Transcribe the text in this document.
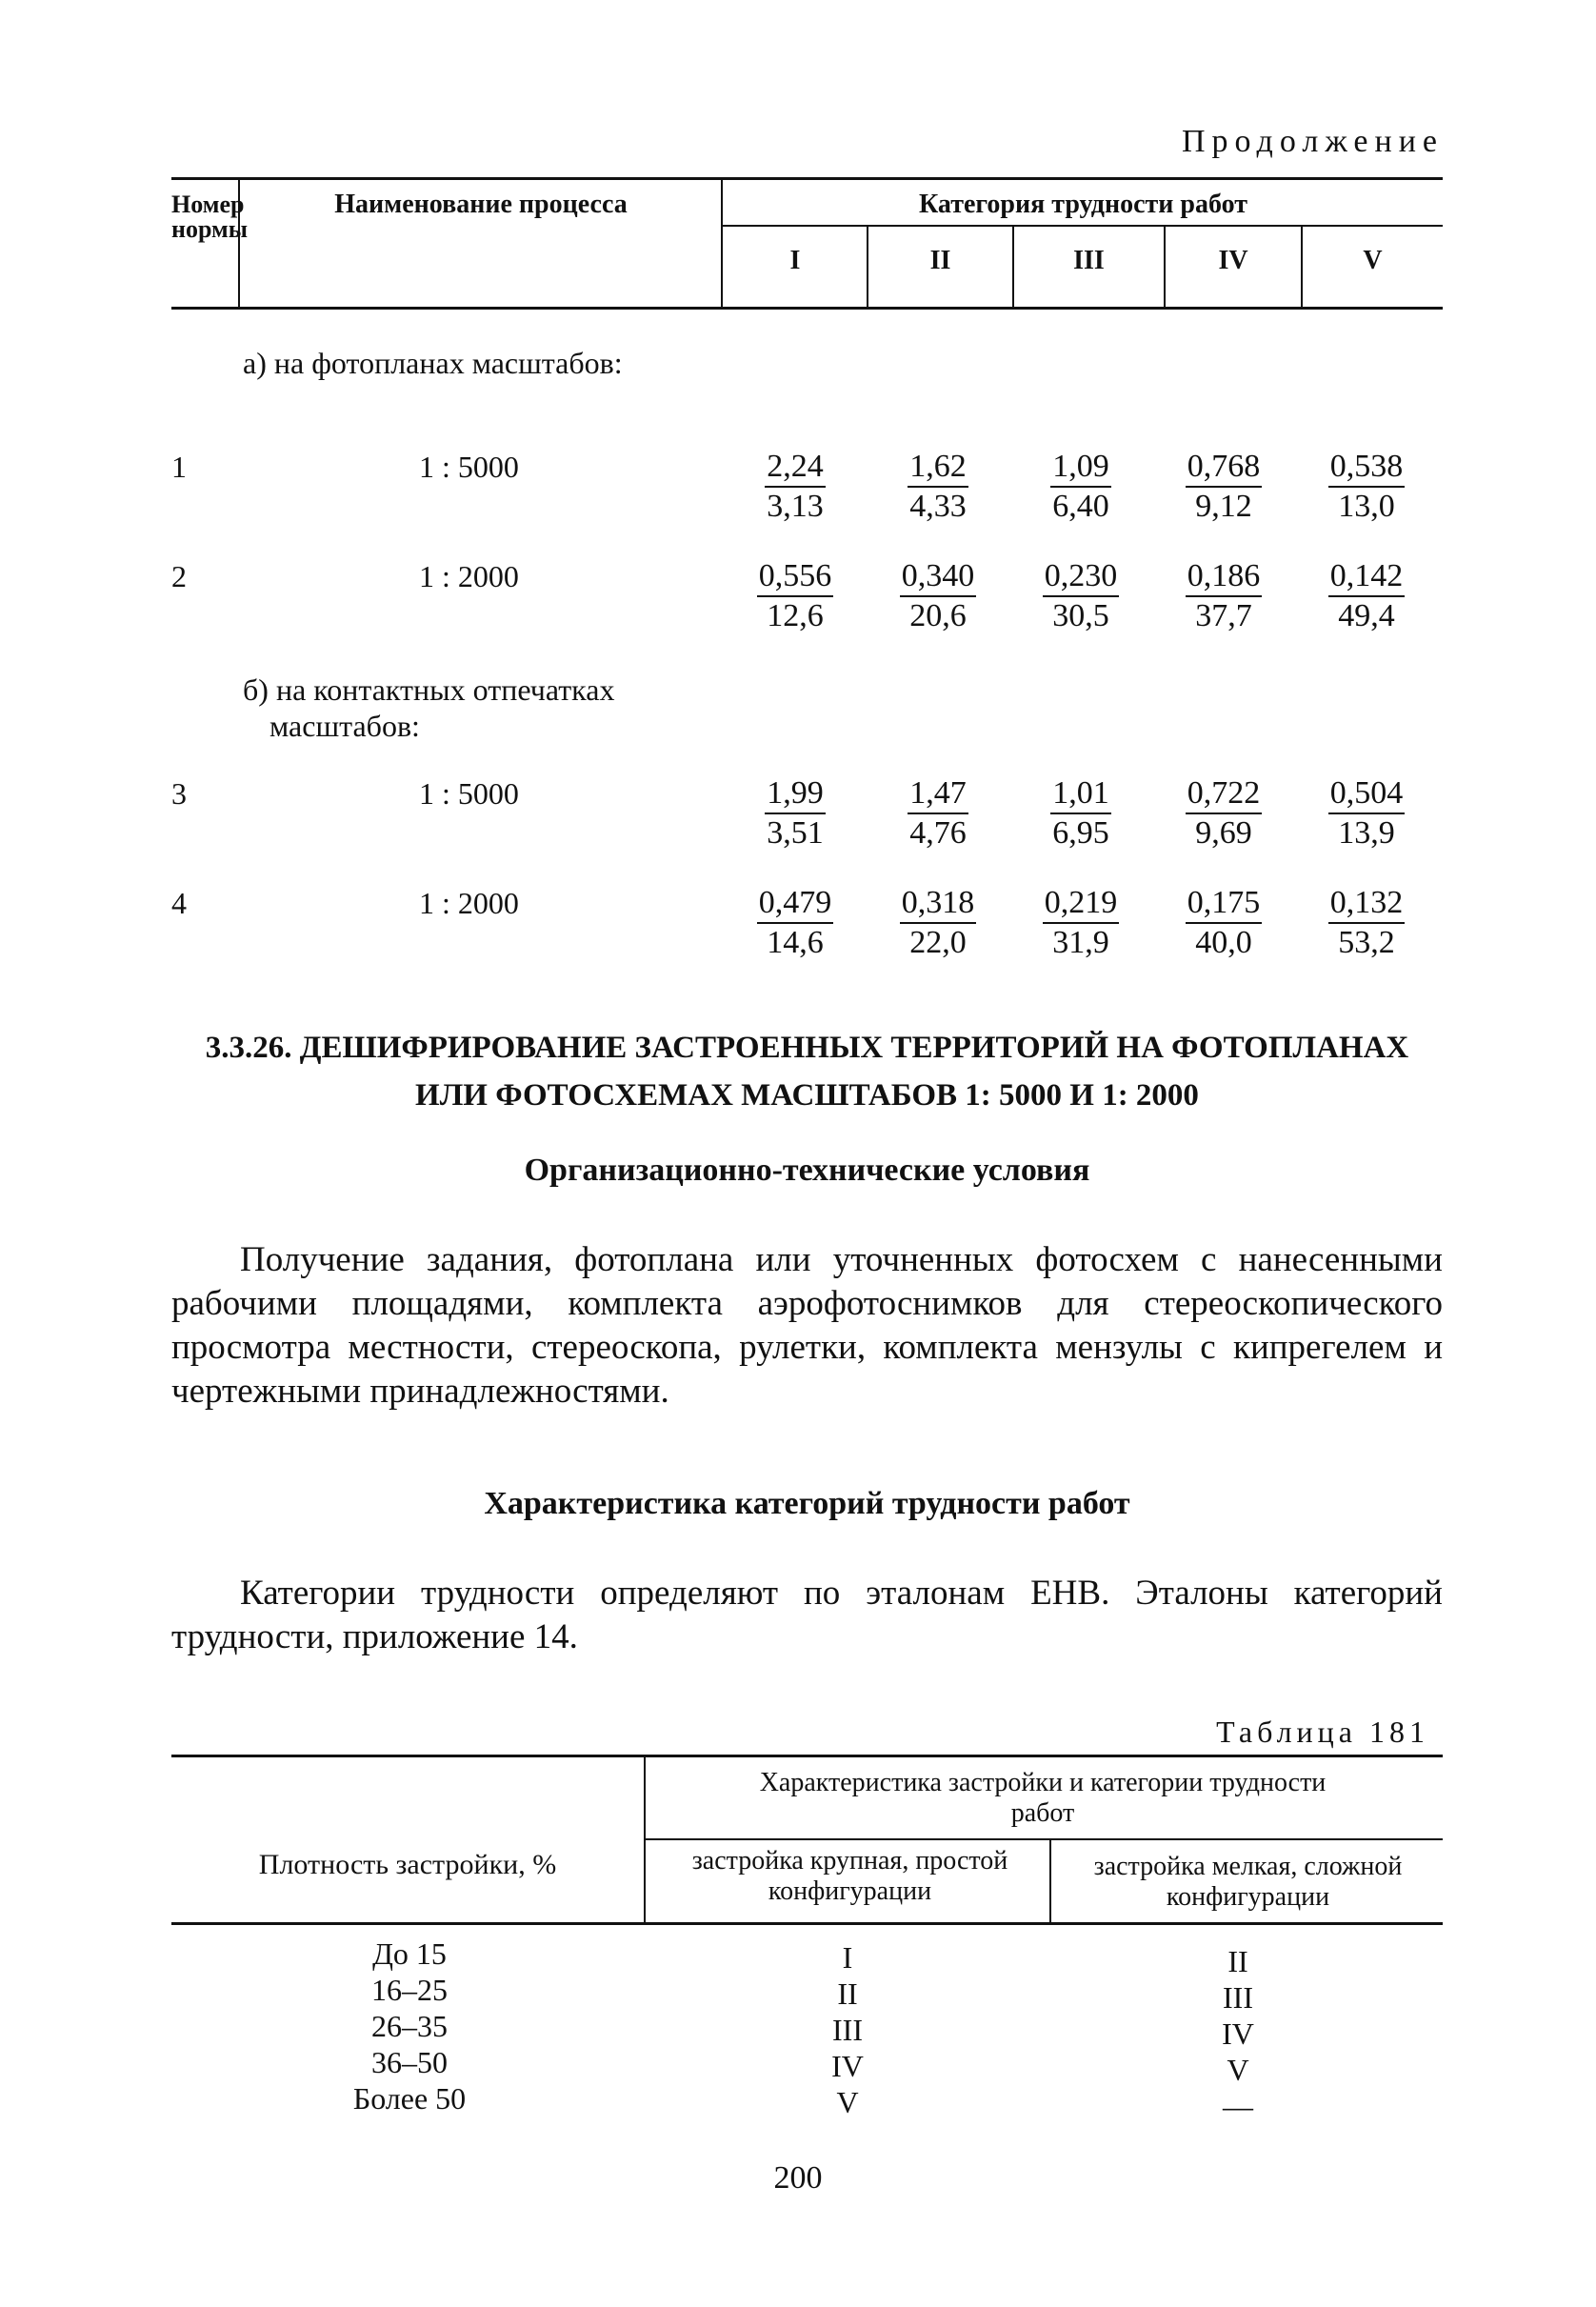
Продолжение
Номер нормы
Наименование процесса	Категория трудности работ
I	II	III	IV	V
а) на фотопланах масштабов:
1	1 : 5000	$\frac{2,24}{3,13} \frac{1,62}{4,33} \frac{1,09}{6,40} \frac{0,768}{9,12} \frac{0,538}{13,0}$
2	1 : 2000	$\frac{0,556}{12,6} \frac{0,340}{20,6} \frac{0,230}{30,5} \frac{0,186}{37,7} \frac{0,142}{49,4}$
б) на контактных отпечатках масштабов:
3	1 : 5000	$\frac{1,99}{3,51} \frac{1,47}{4,76} \frac{1,01}{6,95} \frac{0,722}{9,69} \frac{0,504}{13,9}$
4	1 : 2000	$\frac{0,479}{14,6} \frac{0,318}{22,0} \frac{0,219}{31,9} \frac{0,175}{40,0} \frac{0,132}{53,2}$
3.3.26. ДЕШИФРИРОВАНИЕ ЗАСТРОЕННЫХ ТЕРРИТОРИЙ НА ФОТОПЛАНАХ
ИЛИ ФОТОСХЕМАХ МАСШТАБОВ 1: 5000 И 1: 2000
Организационно-технические условия
Получение задания, фотоплана или уточненных фотосхем с нанесенными рабочими площадями, комплекта аэрофотоснимков для стереоскопического просмотра местности, стереоскопа, рулетки, комплекта мензулы с кипрегелем и чертежными принадлежностями.
Характеристика категорий трудности работ
Категории трудности определяют по эталонам ЕНВ. Эталоны категорий трудности, приложение 14.
Таблица 181
Плотность застройки, %
Характеристика застройки и категории трудности работ
застройка крупная, простой конфигурации
застройка мелкая, сложной конфигурации
До 15	I	II
16–25	II	III
26–35	III	IV
36–50	IV	V
Более 50	V	—
200
